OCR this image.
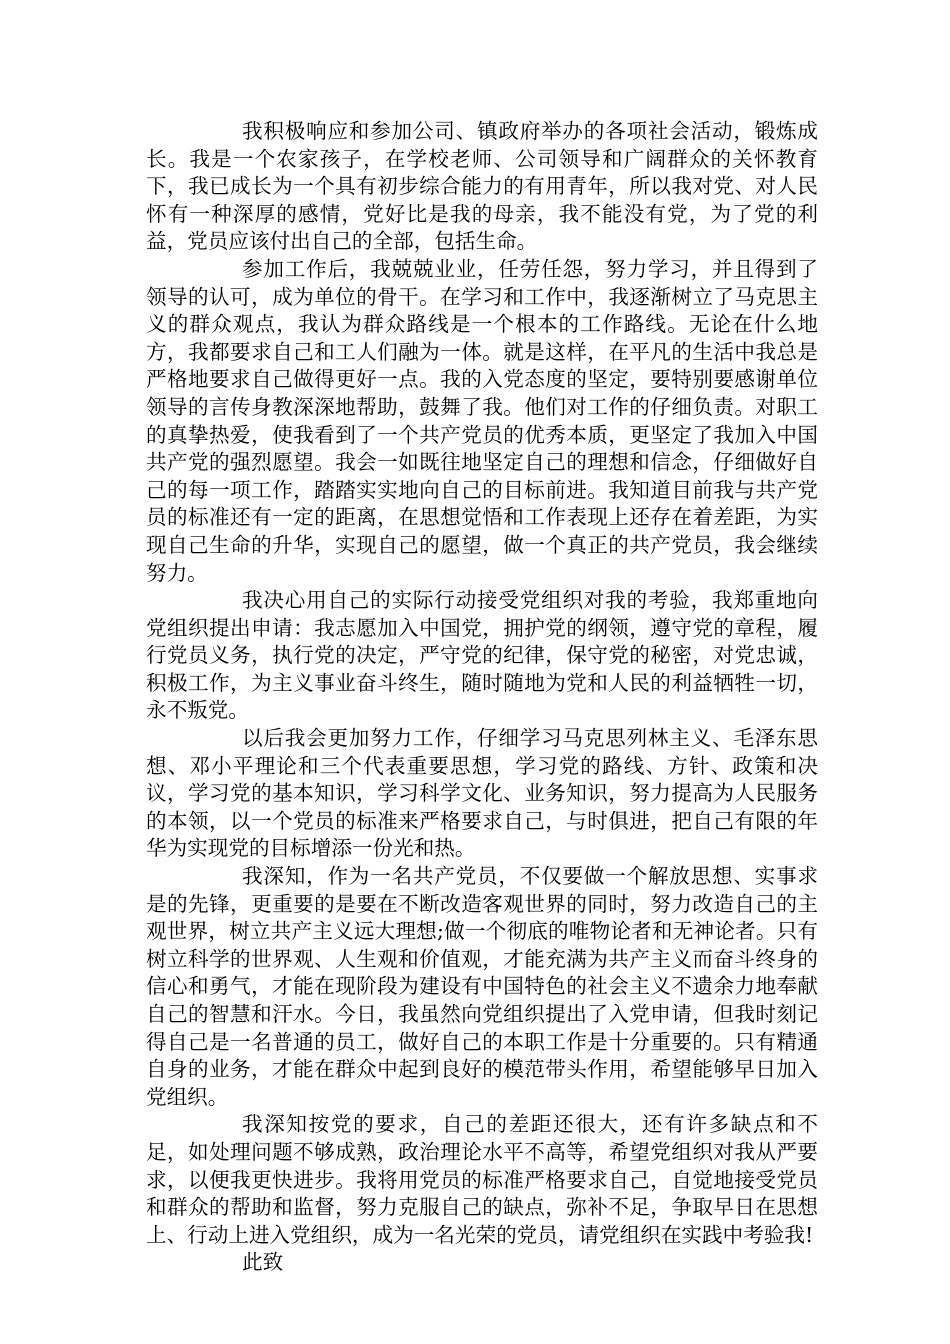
我积极响应和参加公司、镇政府举办的各项社会活动，锻炼成长。我是一个农家孩子，在学校老师、公司领导和广阔群众的关怀教育下，我已成长为一个具有初步综合能力的有用青年，所以我对党、对人民怀有一种深厚的感情，党好比是我的母亲，我不能没有党，为了党的利益，党员应该付出自己的全部，包括生命。

参加工作后，我兢兢业业，任劳任怨，努力学习，并且得到了领导的认可，成为单位的骨干。在学习和工作中，我逐渐树立了马克思主义的群众观点，我认为群众路线是一个根本的工作路线。无论在什么地方，我都要求自己和工人们融为一体。就是这样，在平凡的生活中我总是严格地要求自己做得更好一点。我的入党态度的坚定，要特别要感谢单位领导的言传身教深深地帮助，鼓舞了我。他们对工作的仔细负责。对职工的真挚热爱，使我看到了一个共产党员的优秀本质，更坚定了我加入中国共产党的强烈愿望。我会一如既往地坚定自己的理想和信念，仔细做好自己的每一项工作，踏踏实实地向自己的目标前进。我知道目前我与共产党员的标准还有一定的距离，在思想觉悟和工作表现上还存在着差距，为实现自己生命的升华，实现自己的愿望，做一个真正的共产党员，我会继续努力。

我决心用自己的实际行动接受党组织对我的考验，我郑重地向党组织提出申请：我志愿加入中国党，拥护党的纲领，遵守党的章程，履行党员义务，执行党的决定，严守党的纪律，保守党的秘密，对党忠诚，积极工作，为主义事业奋斗终生，随时随地为党和人民的利益牺牲一切，永不叛党。

以后我会更加努力工作，仔细学习马克思列林主义、毛泽东思想、邓小平理论和三个代表重要思想，学习党的路线、方针、政策和决议，学习党的基本知识，学习科学文化、业务知识，努力提高为人民服务的本领，以一个党员的标准来严格要求自己，与时俱进，把自己有限的年华为实现党的目标增添一份光和热。

我深知，作为一名共产党员，不仅要做一个解放思想、实事求是的先锋，更重要的是要在不断改造客观世界的同时，努力改造自己的主观世界，树立共产主义远大理想;做一个彻底的唯物论者和无神论者。只有树立科学的世界观、人生观和价值观，才能充满为共产主义而奋斗终身的信心和勇气，才能在现阶段为建设有中国特色的社会主义不遗余力地奉献自己的智慧和汗水。今日，我虽然向党组织提出了入党申请，但我时刻记得自己是一名普通的员工，做好自己的本职工作是十分重要的。只有精通自身的业务，才能在群众中起到良好的模范带头作用，希望能够早日加入党组织。

我深知按党的要求，自己的差距还很大，还有许多缺点和不足，如处理问题不够成熟，政治理论水平不高等，希望党组织对我从严要求，以便我更快进步。我将用党员的标准严格要求自己，自觉地接受党员和群众的帮助和监督，努力克服自己的缺点，弥补不足，争取早日在思想上、行动上进入党组织，成为一名光荣的党员，请党组织在实践中考验我!

此致
